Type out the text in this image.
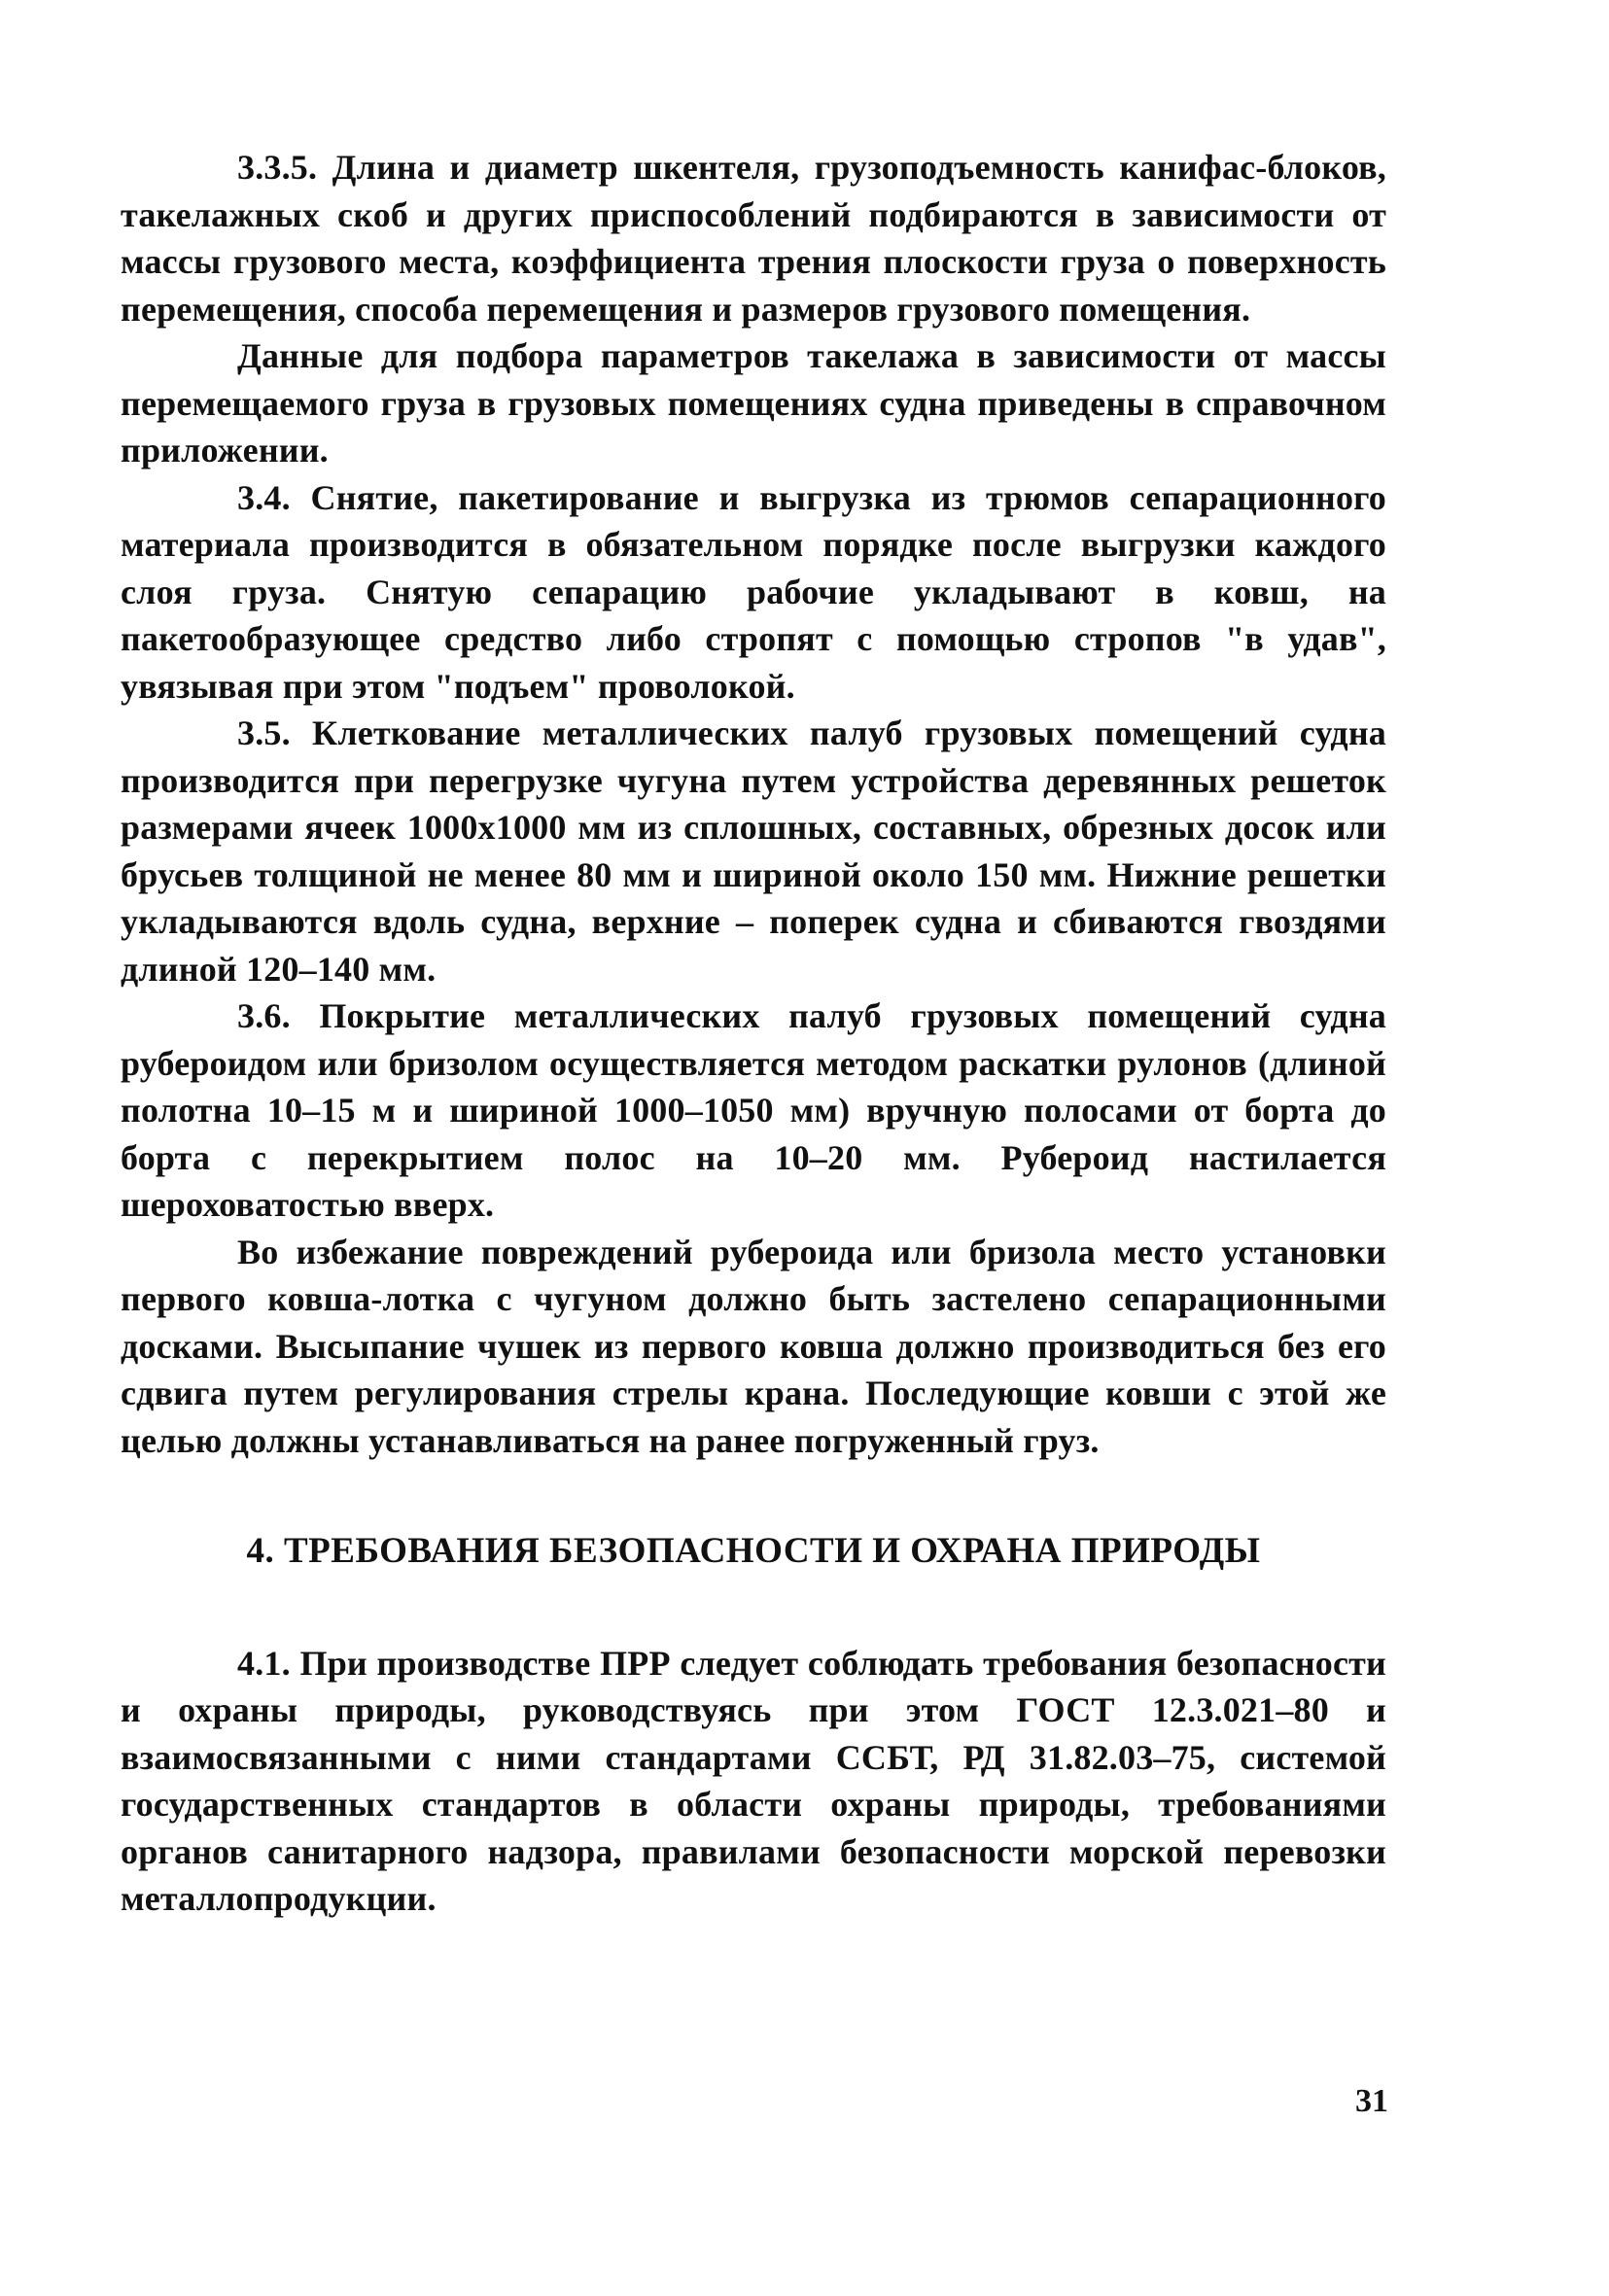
3.3.5. Длина и диаметр шкентеля, грузоподъемность канифас-блоков, такелажных скоб и других приспособлений подбираются в зависимости от массы грузового места, коэффициента трения плоскости груза о поверхность перемещения, способа перемещения и размеров грузового помещения.

Данные для подбора параметров такелажа в зависимости от массы перемещаемого груза в грузовых помещениях судна приведены в справочном приложении.

3.4. Снятие, пакетирование и выгрузка из трюмов сепарационного материала производится в обязательном порядке после выгрузки каждого слоя груза. Снятую сепарацию рабочие укладывают в ковш, на пакетообразующее средство либо стропят с помощью стропов "в удав", увязывая при этом "подъем" проволокой.

3.5. Клеткование металлических палуб грузовых помещений судна производится при перегрузке чугуна путем устройства деревянных решеток размерами ячеек 1000х1000 мм из сплошных, составных, обрезных досок или брусьев толщиной не менее 80 мм и шириной около 150 мм. Нижние решетки укладываются вдоль судна, верхние – поперек судна и сбиваются гвоздями длиной 120–140 мм.

3.6. Покрытие металлических палуб грузовых помещений судна рубероидом или бризолом осуществляется методом раскатки рулонов (длиной полотна 10–15 м и шириной 1000–1050 мм) вручную полосами от борта до борта с перекрытием полос на 10–20 мм. Рубероид настилается шероховатостью вверх.

Во избежание повреждений рубероида или бризола место установки первого ковша-лотка с чугуном должно быть застелено сепарационными досками. Высыпание чушек из первого ковша должно производиться без его сдвига путем регулирования стрелы крана. Последующие ковши с этой же целью должны устанавливаться на ранее погруженный груз.

4. ТРЕБОВАНИЯ БЕЗОПАСНОСТИ И ОХРАНА ПРИРОДЫ

4.1. При производстве ПРР следует соблюдать требования безопасности и охраны природы, руководствуясь при этом ГОСТ 12.3.021–80 и взаимосвязанными с ними стандартами ССБТ, РД 31.82.03–75, системой государственных стандартов в области охраны природы, требованиями органов санитарного надзора, правилами безопасности морской перевозки металлопродукции.

31
